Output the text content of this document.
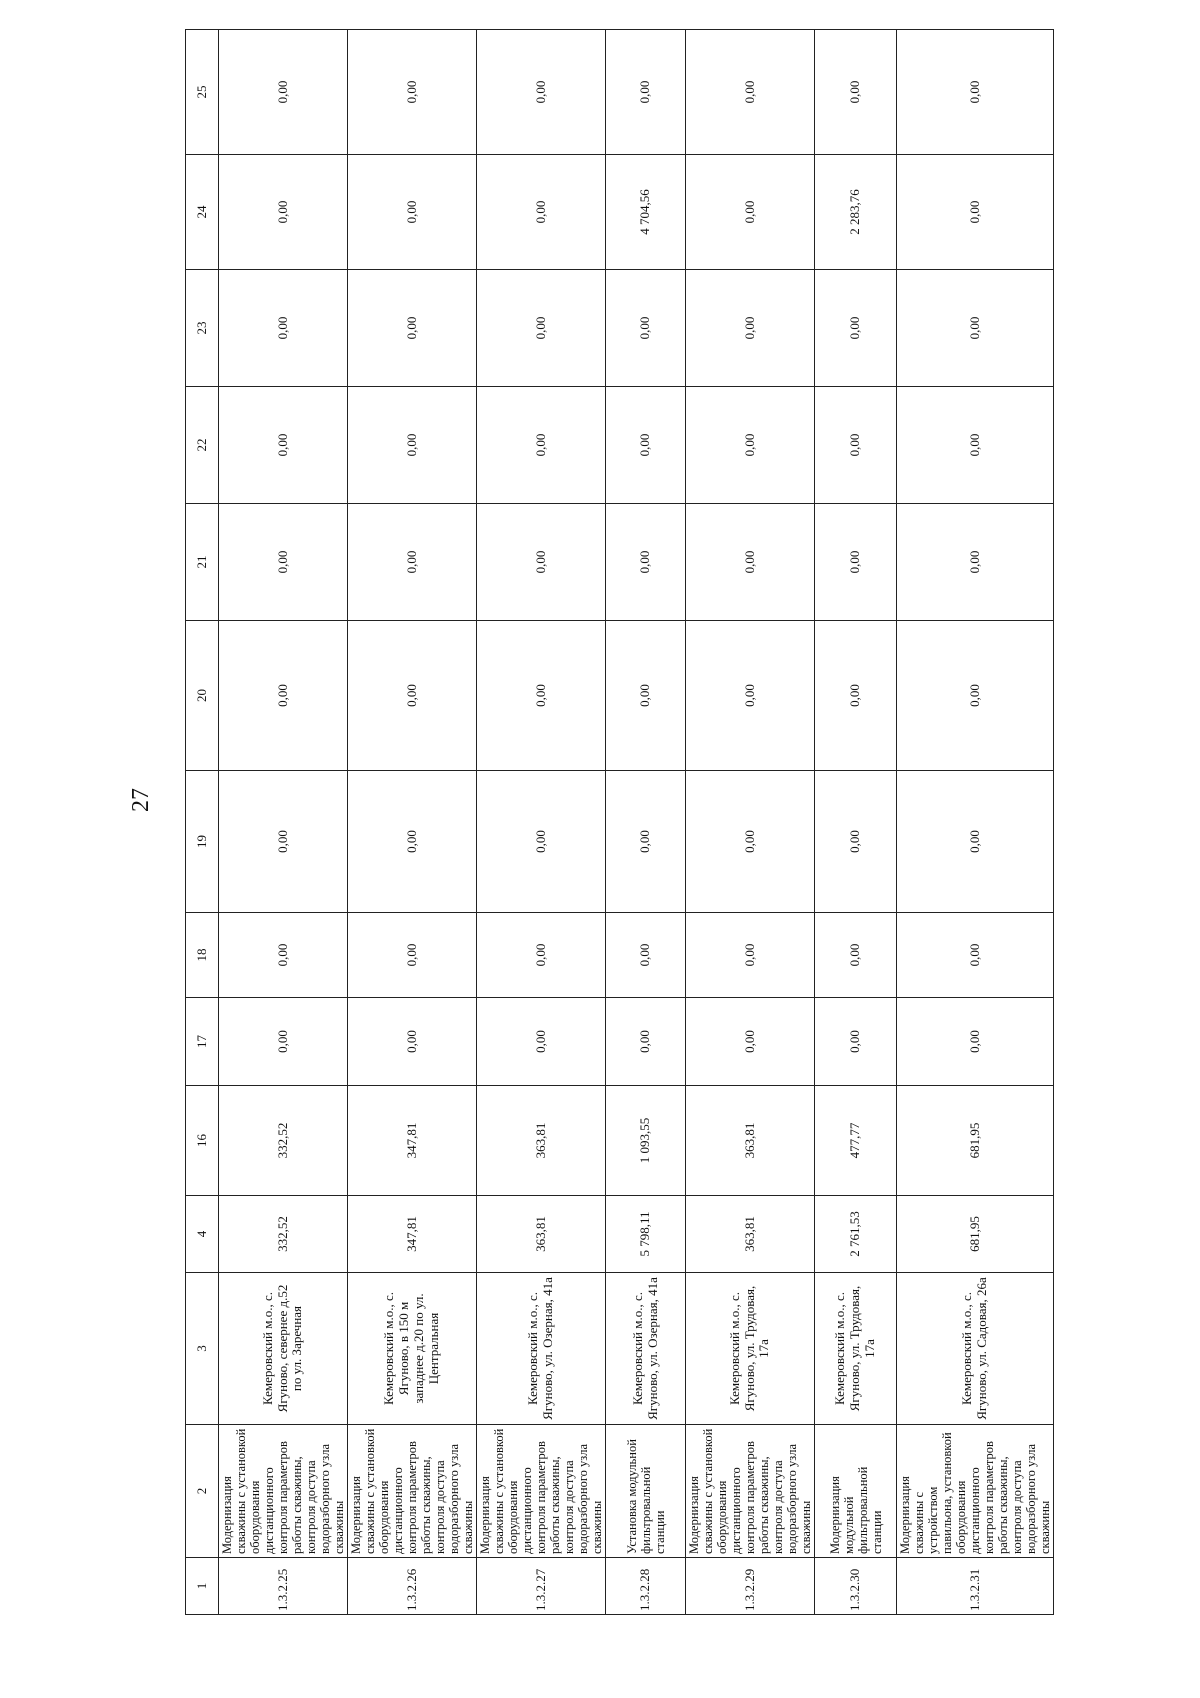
27
1	2	3	4	16	17	18	19	20	21	22	23	24	25
1.3.2.25	Модернизация скважины с установкой оборудования дистанционного контроля параметров работы скважины, контроля доступа водоразборного узла скважины	Кемеровский м.о., с. Ягуново, севернее д.52 по ул. Заречная	332,52	332,52	0,00	0,00	0,00	0,00	0,00	0,00	0,00	0,00	0,00
1.3.2.26	Модернизация скважины с установкой оборудования дистанционного контроля параметров работы скважины, контроля доступа водоразборного узла скважины	Кемеровский м.о., с. Ягуново, в 150 м западнее д.20 по ул. Центральная	347,81	347,81	0,00	0,00	0,00	0,00	0,00	0,00	0,00	0,00	0,00
1.3.2.27	Модернизация скважины с установкой оборудования дистанционного контроля параметров работы скважины, контроля доступа водоразборного узла скважины	Кемеровский м.о., с. Ягуново, ул. Озерная, 41а	363,81	363,81	0,00	0,00	0,00	0,00	0,00	0,00	0,00	0,00	0,00
1.3.2.28	Установка модульной фильтровальной станции	Кемеровский м.о., с. Ягуново, ул. Озерная, 41а	5 798,11	1 093,55	0,00	0,00	0,00	0,00	0,00	0,00	0,00	4 704,56	0,00
1.3.2.29	Модернизация скважины с установкой оборудования дистанционного контроля параметров работы скважины, контроля доступа водоразборного узла скважины	Кемеровский м.о., с. Ягуново, ул. Трудовая, 17а	363,81	363,81	0,00	0,00	0,00	0,00	0,00	0,00	0,00	0,00	0,00
1.3.2.30	Модернизация модульной фильтровальной станции	Кемеровский м.о., с. Ягуново, ул. Трудовая, 17а	2 761,53	477,77	0,00	0,00	0,00	0,00	0,00	0,00	0,00	2 283,76	0,00
1.3.2.31	Модернизация скважины с устройством павильона, установкой оборудования дистанционного контроля параметров работы скважины, контроля доступа водоразборного узла скважины	Кемеровский м.о., с. Ягуново, ул. Садовая, 26а	681,95	681,95	0,00	0,00	0,00	0,00	0,00	0,00	0,00	0,00	0,00
